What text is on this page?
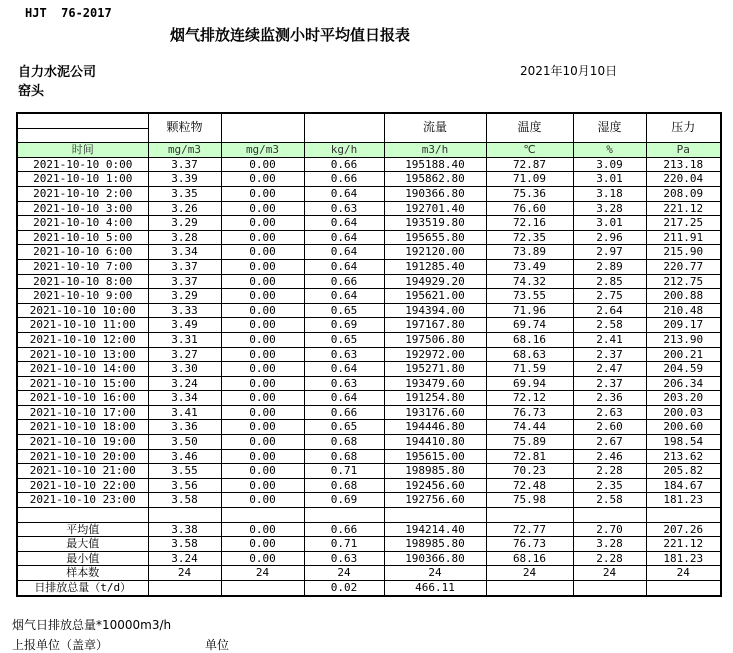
HJT  76-2017
烟气排放连续监测小时平均值日报表
自力水泥公司
窑头
2021年10月10日
	颗粒物			流量	温度	湿度	压力

时间	mg/m3	mg/m3	kg/h	m3/h	℃	%	Pa
2021-10-10 0:00	3.37	0.00	0.66	195188.40	72.87	3.09	213.18
2021-10-10 1:00	3.39	0.00	0.66	195862.80	71.09	3.01	220.04
2021-10-10 2:00	3.35	0.00	0.64	190366.80	75.36	3.18	208.09
2021-10-10 3:00	3.26	0.00	0.63	192701.40	76.60	3.28	221.12
2021-10-10 4:00	3.29	0.00	0.64	193519.80	72.16	3.01	217.25
2021-10-10 5:00	3.28	0.00	0.64	195655.80	72.35	2.96	211.91
2021-10-10 6:00	3.34	0.00	0.64	192120.00	73.89	2.97	215.90
2021-10-10 7:00	3.37	0.00	0.64	191285.40	73.49	2.89	220.77
2021-10-10 8:00	3.37	0.00	0.66	194929.20	74.32	2.85	212.75
2021-10-10 9:00	3.29	0.00	0.64	195621.00	73.55	2.75	200.88
2021-10-10 10:00	3.33	0.00	0.65	194394.00	71.96	2.64	210.48
2021-10-10 11:00	3.49	0.00	0.69	197167.80	69.74	2.58	209.17
2021-10-10 12:00	3.31	0.00	0.65	197506.80	68.16	2.41	213.90
2021-10-10 13:00	3.27	0.00	0.63	192972.00	68.63	2.37	200.21
2021-10-10 14:00	3.30	0.00	0.64	195271.80	71.59	2.47	204.59
2021-10-10 15:00	3.24	0.00	0.63	193479.60	69.94	2.37	206.34
2021-10-10 16:00	3.34	0.00	0.64	191254.80	72.12	2.36	203.20
2021-10-10 17:00	3.41	0.00	0.66	193176.60	76.73	2.63	200.03
2021-10-10 18:00	3.36	0.00	0.65	194446.80	74.44	2.60	200.60
2021-10-10 19:00	3.50	0.00	0.68	194410.80	75.89	2.67	198.54
2021-10-10 20:00	3.46	0.00	0.68	195615.00	72.81	2.46	213.62
2021-10-10 21:00	3.55	0.00	0.71	198985.80	70.23	2.28	205.82
2021-10-10 22:00	3.56	0.00	0.68	192456.60	72.48	2.35	184.67
2021-10-10 23:00	3.58	0.00	0.69	192756.60	75.98	2.58	181.23

平均值	3.38	0.00	0.66	194214.40	72.77	2.70	207.26
最大值	3.58	0.00	0.71	198985.80	76.73	3.28	221.12
最小值	3.24	0.00	0.63	190366.80	68.16	2.28	181.23
样本数	24	24	24	24	24	24	24
日排放总量（t/d）			0.02	466.11			
烟气日排放总量*10000m3/h
上报单位（盖章）	单位
